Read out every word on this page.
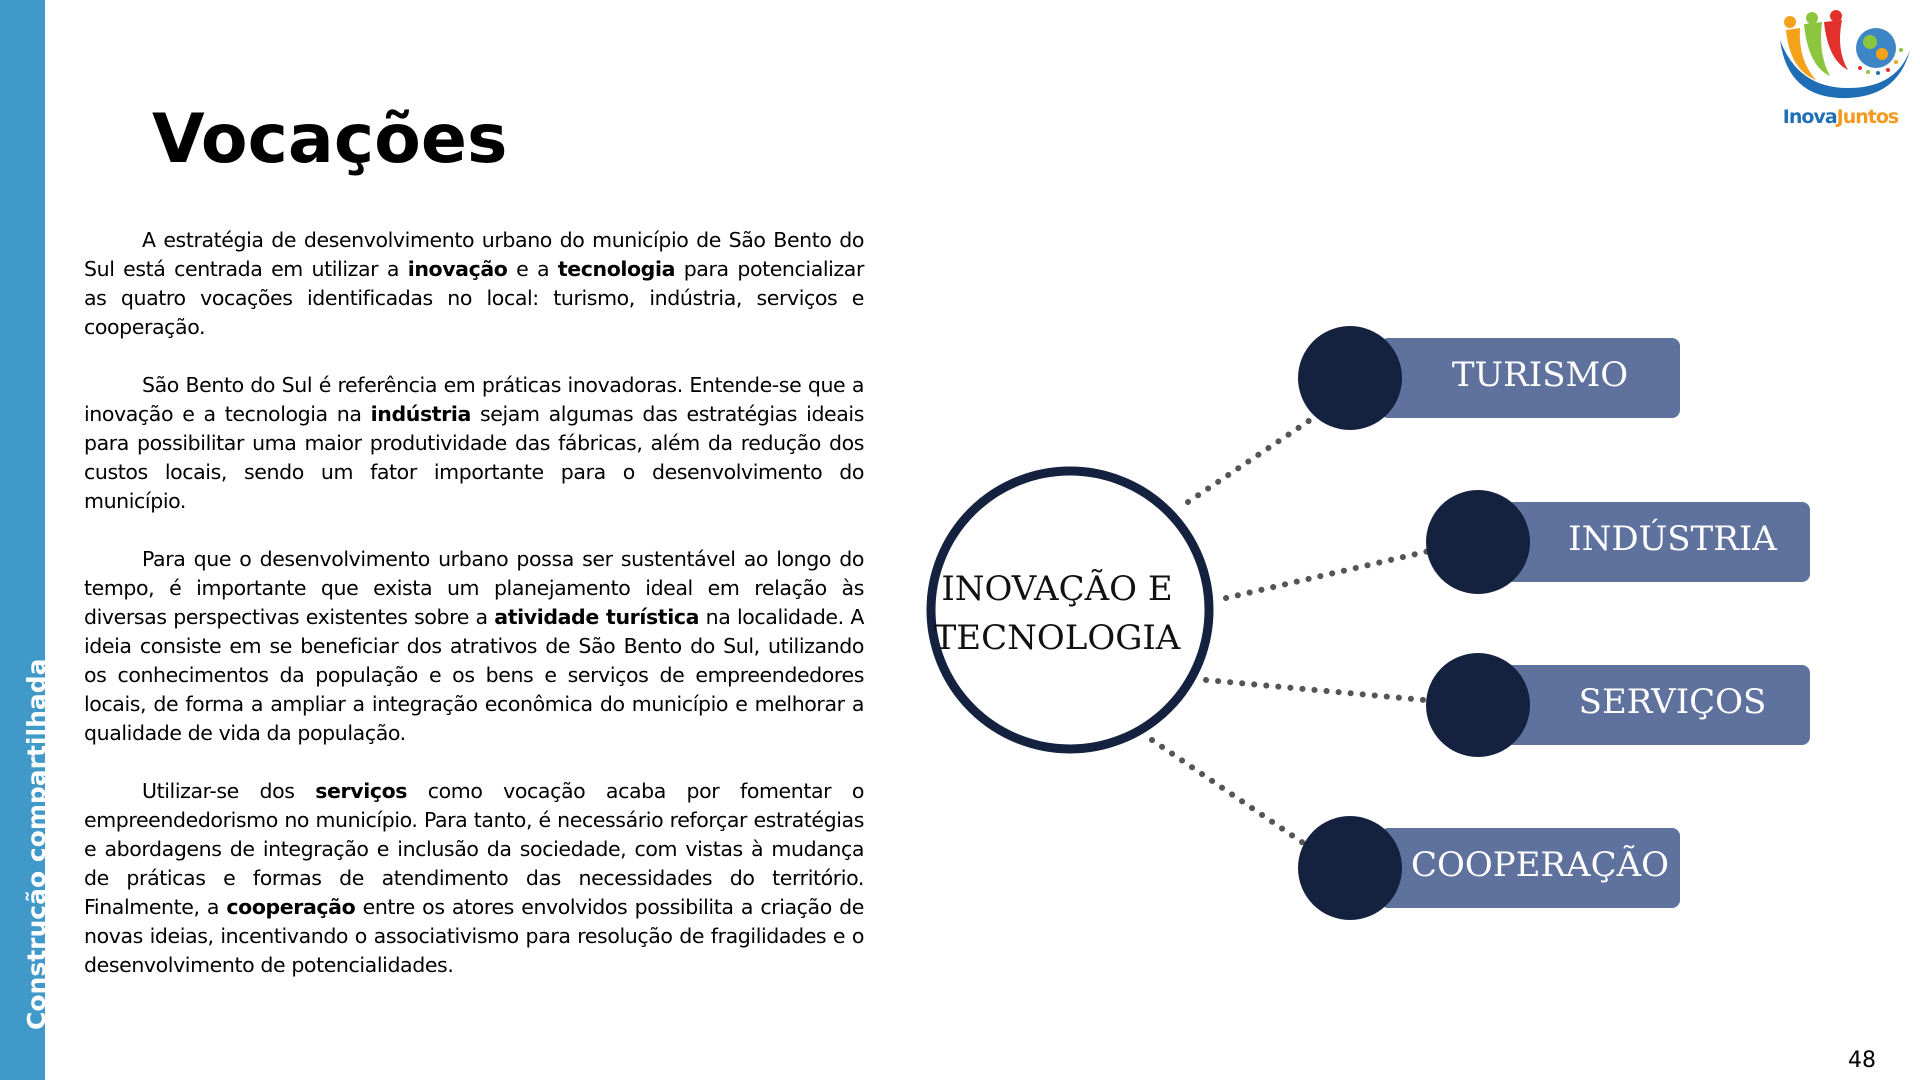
Construção compartilhada
Vocações	InovaJuntos

A estratégia de desenvolvimento urbano do município de São Bento do Sul está centrada em utilizar a inovação e a tecnologia para potencializar as quatro vocações identificadas no local: turismo, indústria, serviços e cooperação.

São Bento do Sul é referência em práticas inovadoras. Entende-se que a inovação e a tecnologia na indústria sejam algumas das estratégias ideais para possibilitar uma maior produtividade das fábricas, além da redução dos custos locais, sendo um fator importante para o desenvolvimento do município.

Para que o desenvolvimento urbano possa ser sustentável ao longo do tempo, é importante que exista um planejamento ideal em relação às diversas perspectivas existentes sobre a atividade turística na localidade. A ideia consiste em se beneficiar dos atrativos de São Bento do Sul, utilizando os conhecimentos da população e os bens e serviços de empreendedores locais, de forma a ampliar a integração econômica do município e melhorar a qualidade de vida da população.

Utilizar-se dos serviços como vocação acaba por fomentar o empreendedorismo no município. Para tanto, é necessário reforçar estratégias e abordagens de integração e inclusão da sociedade, com vistas à mudança de práticas e formas de atendimento das necessidades do território. Finalmente, a cooperação entre os atores envolvidos possibilita a criação de novas ideias, incentivando o associativismo para resolução de fragilidades e o desenvolvimento de potencialidades.

INOVAÇÃO E
TECNOLOGIA
TURISMO
INDÚSTRIA
SERVIÇOS
COOPERAÇÃO
48
